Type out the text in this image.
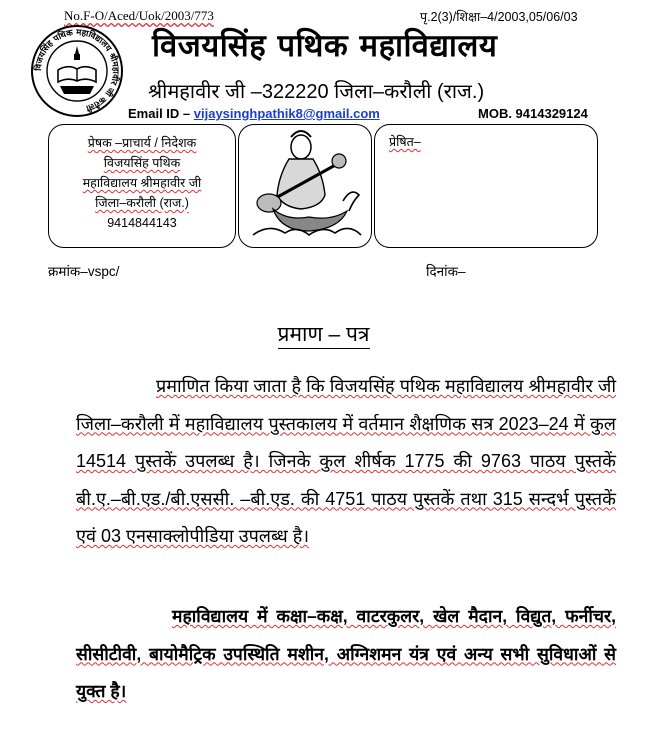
No.F-O/Aced/Uok/2003/773	पृ.2(3)/शिक्षा–4/2003,05/06/03
विजयसिंह पथिक महाविद्यालय श्रीमहावीर जी करौली
विजयसिंह पथिक महाविद्यालय
श्रीमहावीर जी –322220 जिला–करौली (राज.)
Email ID – vijaysinghpathik8@gmail.com	MOB. 9414329124
प्रेषक –प्राचार्य / निदेशक
विजयसिंह पथिक
महाविद्यालय श्रीमहावीर जी
जिला–करौली (राज.)
9414844143
प्रेषित–
क्रमांक–vspc/	दिनांक–
प्रमाण – पत्र
प्रमाणित किया जाता है कि विजयसिंह पथिक महाविद्यालय श्रीमहावीर जी जिला–करौली में महाविद्यालय पुस्तकालय में वर्तमान शैक्षणिक सत्र 2023–24 में कुल 14514 पुस्तकें उपलब्ध है। जिनके कुल शीर्षक 1775 की 9763 पाठय पुस्तकें बी.ए.–बी.एड./बी.एससी. –बी.एड. की 4751 पाठय पुस्तकें तथा 315 सन्दर्भ पुस्तकें एवं 03 एनसाक्लोपीडिया उपलब्ध है।
महाविद्यालय में कक्षा–कक्ष, वाटरकुलर, खेल मैदान, विद्युत, फर्नीचर, सीसीटीवी, बायोमैट्रिक उपस्थिति मशीन, अग्निशमन यंत्र एवं अन्य सभी सुविधाओं से युक्त है।
